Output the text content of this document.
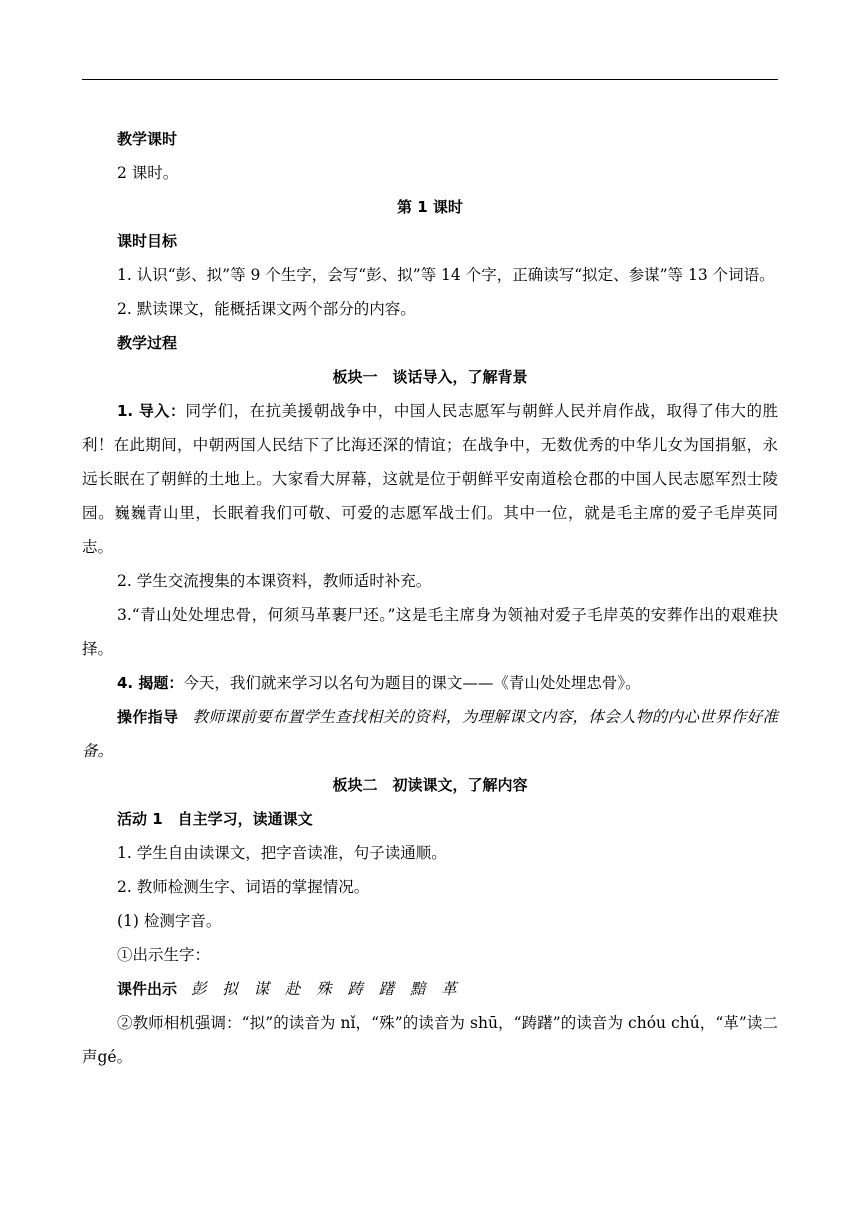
教学课时

2 课时。

第 1 课时

课时目标

1. 认识“彭、拟”等 9 个生字，会写“彭、拟”等 14 个字，正确读写“拟定、参谋”等 13 个词语。

2. 默读课文，能概括课文两个部分的内容。

教学过程

板块一　谈话导入，了解背景

1. 导入：同学们，在抗美援朝战争中，中国人民志愿军与朝鲜人民并肩作战，取得了伟大的胜利！在此期间，中朝两国人民结下了比海还深的情谊；在战争中，无数优秀的中华儿女为国捐躯，永远长眠在了朝鲜的土地上。大家看大屏幕，这就是位于朝鲜平安南道桧仓郡的中国人民志愿军烈士陵园。巍巍青山里，长眠着我们可敬、可爱的志愿军战士们。其中一位，就是毛主席的爱子毛岸英同志。

2. 学生交流搜集的本课资料，教师适时补充。

3.“青山处处埋忠骨，何须马革裹尸还。”这是毛主席身为领袖对爱子毛岸英的安葬作出的艰难抉择。

4. 揭题：今天，我们就来学习以名句为题目的课文——《青山处处埋忠骨》。

操作指导 教师课前要布置学生查找相关的资料，为理解课文内容，体会人物的内心世界作好准备。

板块二　初读课文，了解内容

活动 1　自主学习，读通课文

1. 学生自由读课文，把字音读准，句子读通顺。

2. 教师检测生字、词语的掌握情况。

(1) 检测字音。

①出示生字：

课件出示 彭 拟 谋 赴 殊 踌 躇 黯 革

②教师相机强调：“拟”的读音为 nǐ，“殊”的读音为 shū，“踌躇”的读音为 chóu chú，“革”读二声gé。
